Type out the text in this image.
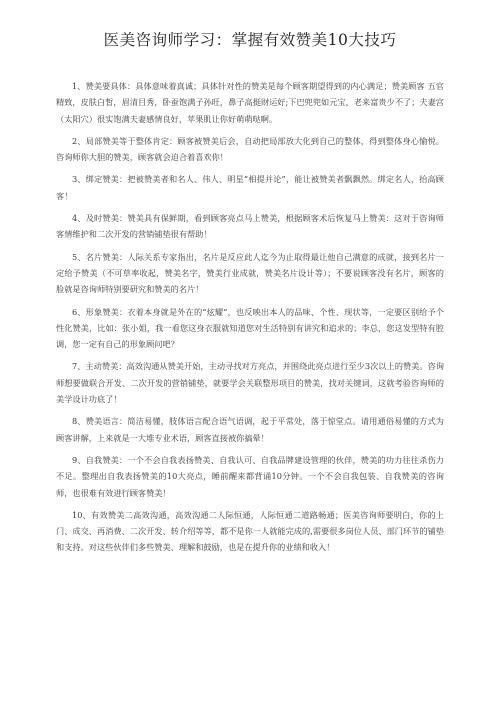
医美咨询师学习：掌握有效赞美10大技巧

1、赞美要具体：具体意味着真诚；具体针对性的赞美是每个顾客期望得到的内心满足；赞美顾客 五官精致，皮肤白皙，眉清目秀，卧蚕饱满子孙旺，鼻子高挺财运好;下巴兜兜如元宝，老来富贵少不了；夫妻宫（太阳穴）很实饱满夫妻感情良好，苹果肌让你好萌萌哒啊。

2、局部赞美等于整体肯定：顾客被赞美后会，自动把局部放大化到自己的整体，得到整体身心愉悦。咨询师你大胆的赞美，顾客就会迫合着喜欢你！

3、绑定赞美：把被赞美者和名人、伟人、明星“相提并论”，能让被赞美者飘飘然。绑定名人，抬高顾客！

4、及时赞美：赞美具有保鲜期，看到顾客亮点马上赞美，根据顾客术后恢复马上赞美：这对于咨询师客情维护和二次开发的营销铺垫很有帮助！

5、名片赞美：人际关系专家指出，名片是反应此人迄今为止取得最让他自己满意的成就，接到名片一定给予赞美（不可草率收起，赞美名字，赞美行业成就，赞美名片设计等）；不要说顾客没有名片，顾客的脸就是咨询师特别要研究和赞美的名片！

6、形象赞美：衣着本身就是外在的“炫耀”，也反映出本人的品味、个性、现状等，一定要区别给予个性化赞美，比如：张小姐，我一看您这身衣服就知道您对生活特别有讲究和追求的；李总，您这发型特有腔调，您一定有自己的形象顾问吧？

7、主动赞美：高效沟通从赞美开始，主动寻找对方亮点，并围绕此亮点进行至少3次以上的赞美。咨询师想要做联合开发、二次开发的营销铺垫，就要学会关联整形项目的赞美，找对关键词，这就考验咨询师的美学设计功底了！

8、赞美语言：简洁易懂，肢体语言配合语气语调，起于平常处，落于惊堂点。请用通俗易懂的方式为顾客讲解，上来就是一大堆专业术语，顾客直接被你搞晕！

9、自我赞美：一个不会自我表扬赞美、自我认可、自我品牌建设管理的伙伴，赞美的功力往往杀伤力不足。整理出自我表扬赞美的10大亮点，睡前醒来都背诵10分钟。一个不会自我包装、自我赞美的咨询师，也很难有效进行顾客赞美！

10、有效赞美二高效沟通，高效沟通二人际恒通，人际恒通二道路畅通；医美咨询师要明白，你的上门、成交、再消费、二次开发、转介绍等等，都不是你一人就能完成的,需要很多岗位人员、部门环节的铺垫和支持。对这些伙伴们多些赞美、理解和鼓励，也是在提升你的业绩和收入！
